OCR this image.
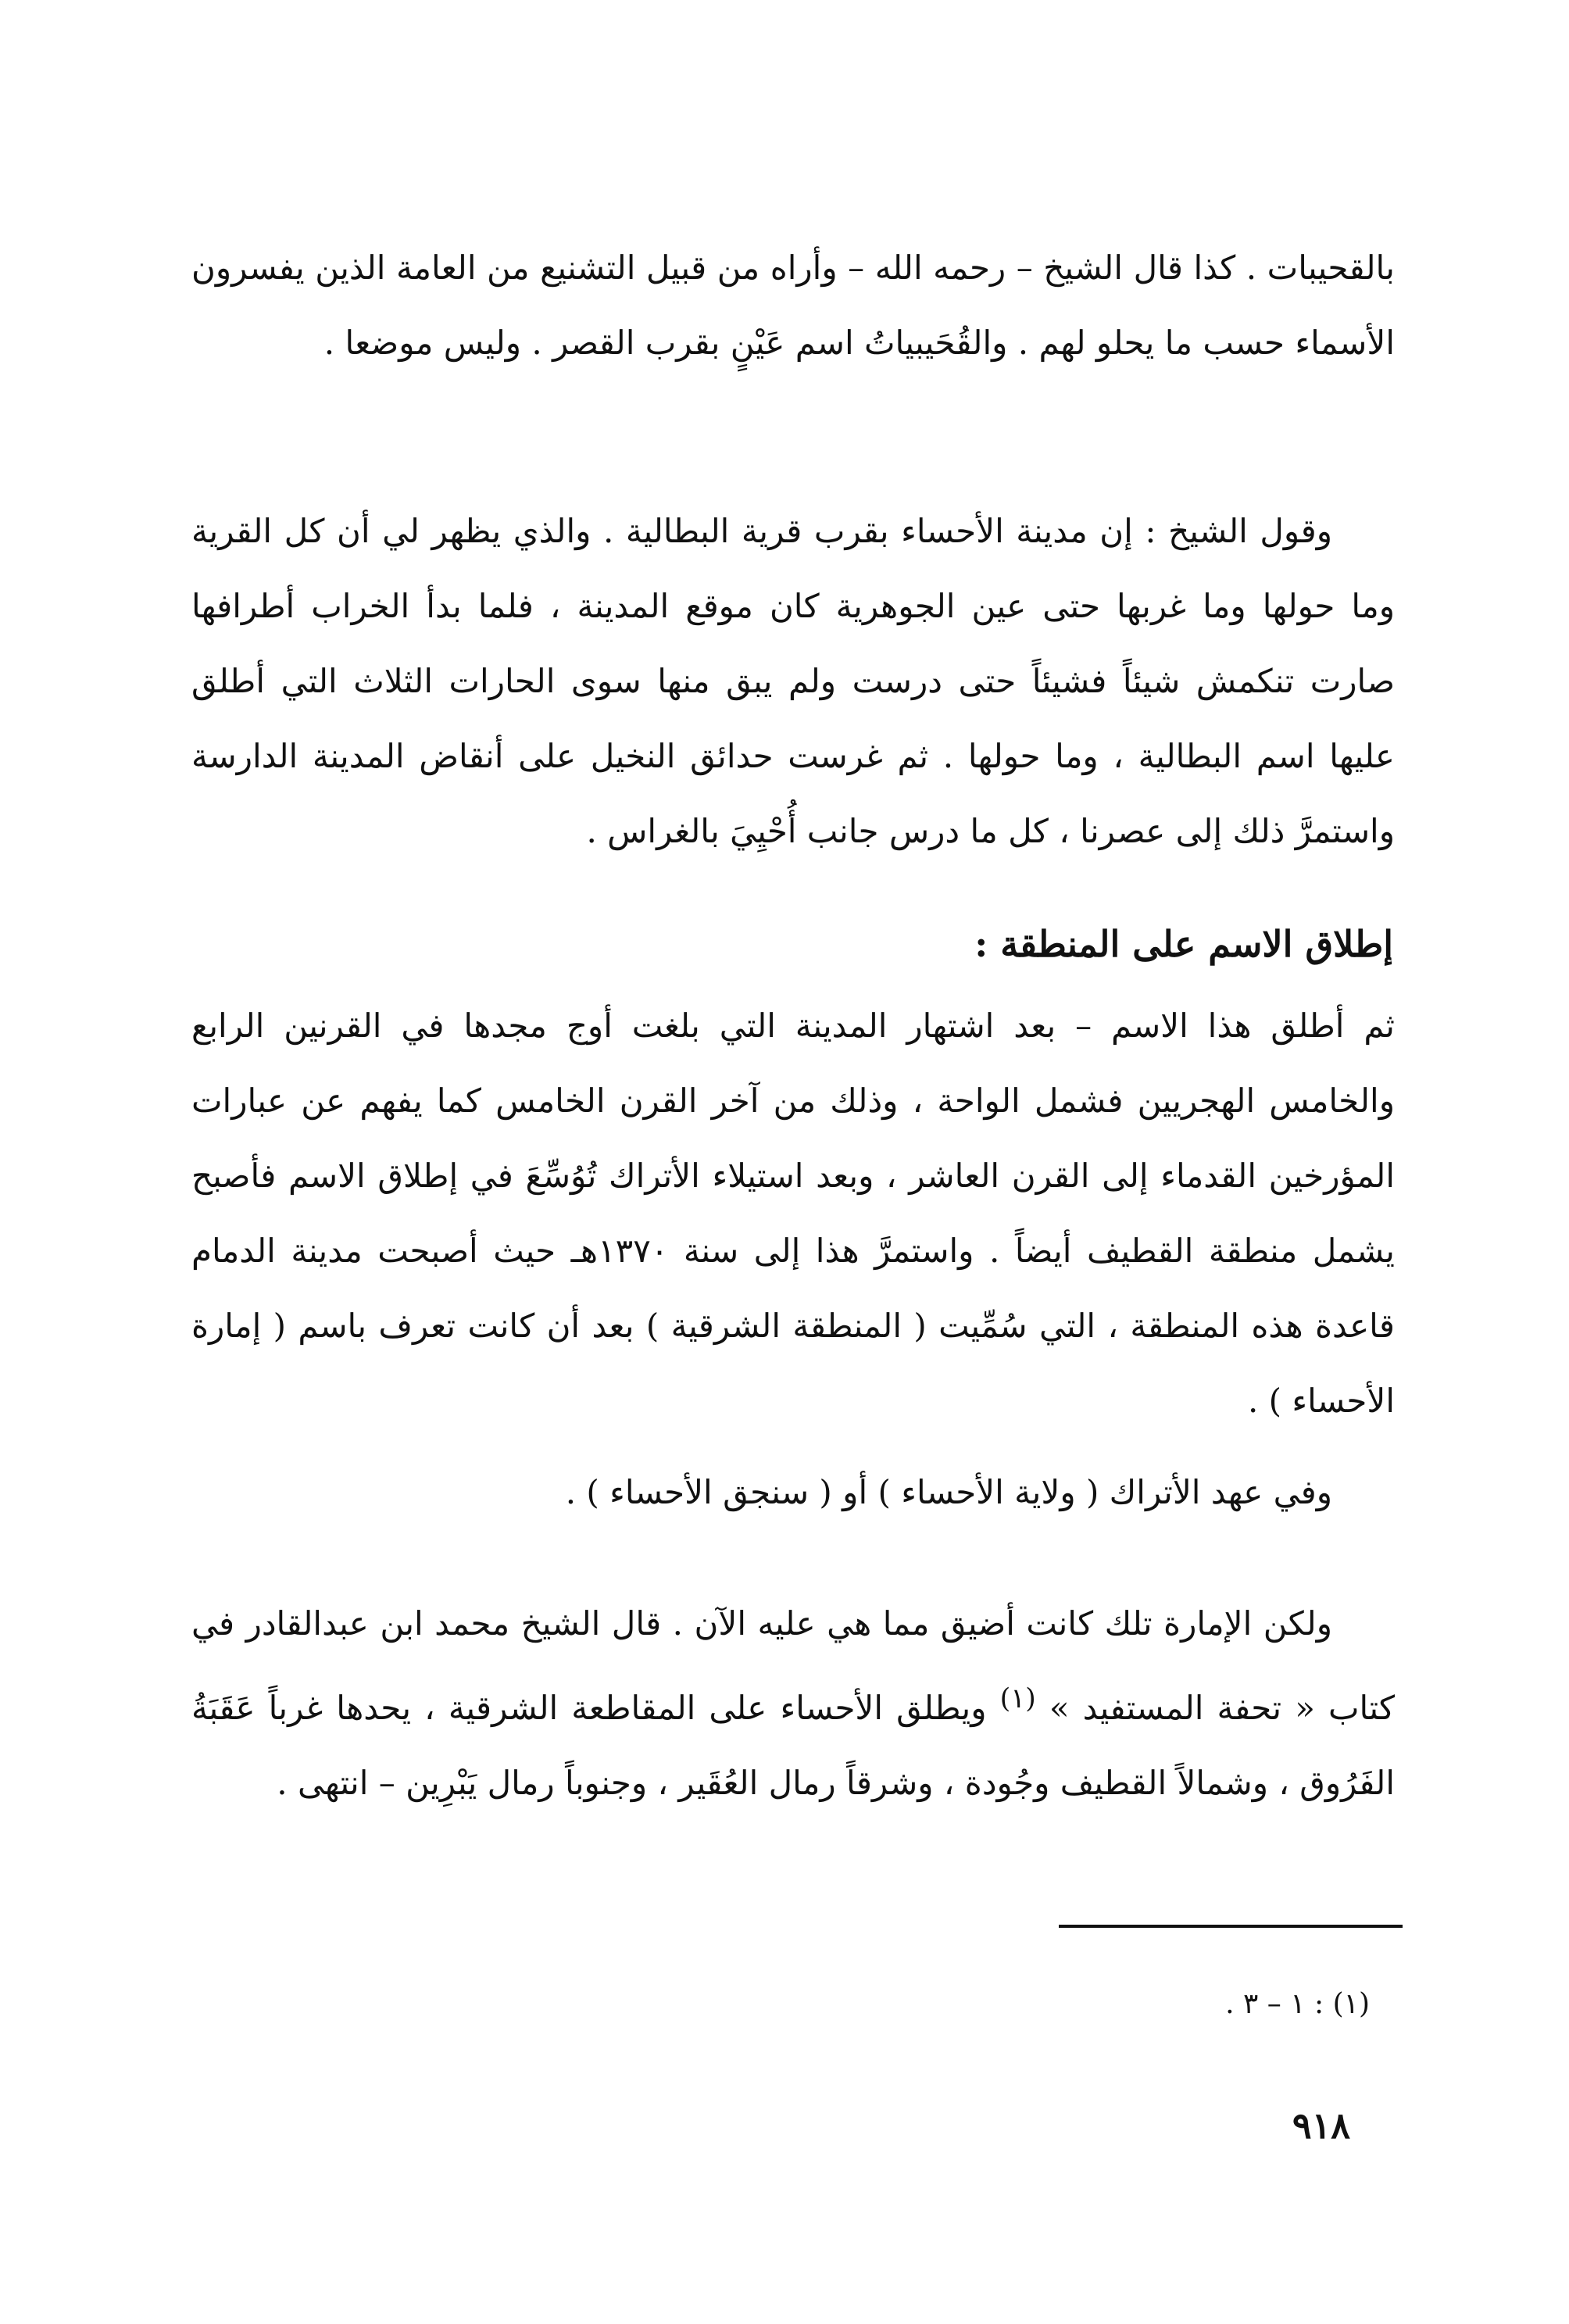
بالقحيبات . كذا قال الشيخ – رحمه الله – وأراه من قبيل التشنيع من العامة الذين يفسرون الأسماء حسب ما يحلو لهم . والقُحَيبياتُ اسم عَيْنٍ بقرب القصر . وليس موضعا .
وقول الشيخ : إن مدينة الأحساء بقرب قرية البطالية . والذي يظهر لي أن كل القرية وما حولها وما غربها حتى عين الجوهرية كان موقع المدينة ، فلما بدأ الخراب أطرافها صارت تنكمش شيئاً فشيئاً حتى درست ولم يبق منها سوى الحارات الثلاث التي أطلق عليها اسم البطالية ، وما حولها . ثم غرست حدائق النخيل على أنقاض المدينة الدارسة واستمرَّ ذلك إلى عصرنا ، كل ما درس جانب أُحْيِيَ بالغراس .
إطلاق الاسم على المنطقة :
ثم أطلق هذا الاسم – بعد اشتهار المدينة التي بلغت أوج مجدها في القرنين الرابع والخامس الهجريين فشمل الواحة ، وذلك من آخر القرن الخامس كما يفهم عن عبارات المؤرخين القدماء إلى القرن العاشر ، وبعد استيلاء الأتراك تُوُسِّعَ في إطلاق الاسم فأصبح يشمل منطقة القطيف أيضاً . واستمرَّ هذا إلى سنة ١٣٧٠هـ حيث أصبحت مدينة الدمام قاعدة هذه المنطقة ، التي سُمِّيت ( المنطقة الشرقية ) بعد أن كانت تعرف باسم ( إمارة الأحساء ) .
وفي عهد الأتراك ( ولاية الأحساء ) أو ( سنجق الأحساء ) .
ولكن الإمارة تلك كانت أضيق مما هي عليه الآن . قال الشيخ محمد ابن عبدالقادر في كتاب « تحفة المستفيد » $^{(١)}$ ويطلق الأحساء على المقاطعة الشرقية ، يحدها غرباً عَقَبَةُ الفَرُوق ، وشمالاً القطيف وجُودة ، وشرقاً رمال العُقَير ، وجنوباً رمال يَبْرِين – انتهى .
(١) : ١ – ٣ .
٩١٨
